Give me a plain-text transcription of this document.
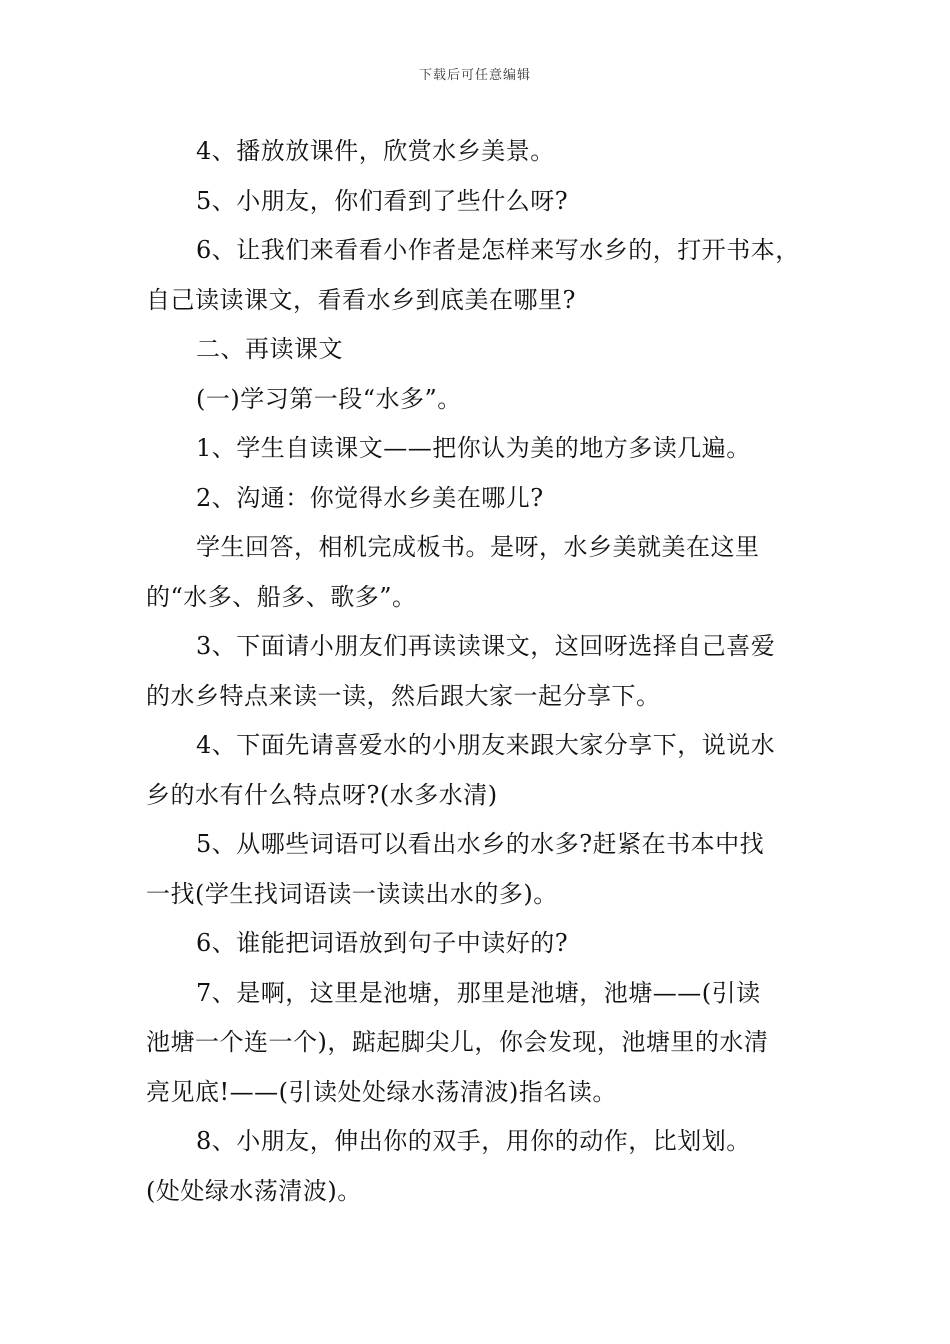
下载后可任意编辑
4、播放放课件，欣赏水乡美景。
5、小朋友，你们看到了些什么呀?
6、让我们来看看小作者是怎样来写水乡的，打开书本，
自己读读课文，看看水乡到底美在哪里?
二、再读课文
(一)学习第一段“水多”。
1、学生自读课文——把你认为美的地方多读几遍。
2、沟通：你觉得水乡美在哪儿?
学生回答，相机完成板书。是呀，水乡美就美在这里
的“水多、船多、歌多”。
3、下面请小朋友们再读读课文，这回呀选择自己喜爱
的水乡特点来读一读，然后跟大家一起分享下。
4、下面先请喜爱水的小朋友来跟大家分享下，说说水
乡的水有什么特点呀?(水多水清)
5、从哪些词语可以看出水乡的水多?赶紧在书本中找
一找(学生找词语读一读读出水的多)。
6、谁能把词语放到句子中读好的?
7、是啊，这里是池塘，那里是池塘，池塘——(引读
池塘一个连一个)，踮起脚尖儿，你会发现，池塘里的水清
亮见底!——(引读处处绿水荡清波)指名读。
8、小朋友，伸出你的双手，用你的动作，比划划。
(处处绿水荡清波)。
